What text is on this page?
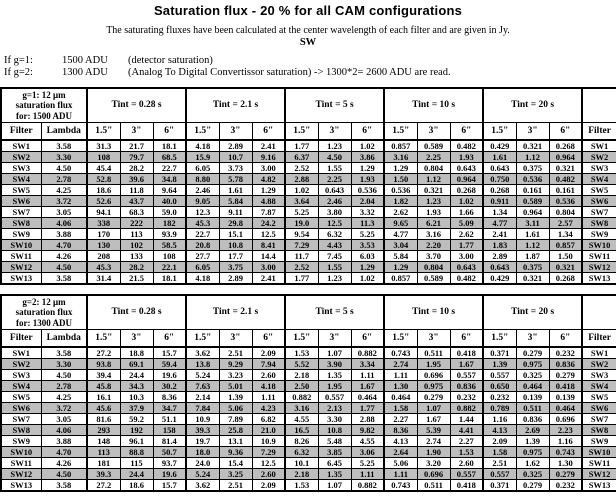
Saturation flux - 20 % for all CAM configurations
The saturating fluxes have been calculated at the center wavelength of each filter and are given in Jy.
SW
If g=1:	1500 ADU	(detector saturation)
If g=2:	1300 ADU	(Analog To Digital Convertissor saturation) -> 1300*2= 2600 ADU are read.
g=1: 12 μm
saturation flux
for: 1500 ADU		Tint = 0.28 s			Tint = 2.1 s			Tint = 5 s			Tint = 10 s			Tint = 20 s			
Filter	Lambda	1.5"	3"	6"	1.5"	3"	6"	1.5"	3"	6"	1.5"	3"	6"	1.5"	3"	6"	Filter
SW1	3.58	31.3	21.7	18.1	4.18	2.89	2.41	1.77	1.23	1.02	0.857	0.589	0.482	0.429	0.321	0.268	SW1
SW2	3.30	108	79.7	68.5	15.9	10.7	9.16	6.37	4.50	3.86	3.16	2.25	1.93	1.61	1.12	0.964	SW2
SW3	4.50	45.4	28.2	22.7	6.05	3.73	3.00	2.52	1.55	1.29	1.29	0.804	0.643	0.643	0.375	0.321	SW3
SW4	2.78	52.8	39.6	34.8	8.80	5.78	4.82	2.88	2.25	1.93	1.50	1.12	0.964	0.750	0.536	0.482	SW4
SW5	4.25	18.6	11.8	9.64	2.46	1.61	1.29	1.02	0.643	0.536	0.536	0.321	0.268	0.268	0.161	0.161	SW5
SW6	3.72	52.6	43.7	40.0	9.05	5.84	4.88	3.64	2.46	2.04	1.82	1.23	1.02	0.911	0.589	0.536	SW6
SW7	3.05	94.1	68.3	59.0	12.3	9.11	7.87	5.25	3.80	3.32	2.62	1.93	1.66	1.34	0.964	0.804	SW7
SW8	4.06	338	222	182	45.3	29.8	24.2	19.0	12.5	11.3	9.65	6.21	5.09	4.77	3.11	2.57	SW8
SW9	3.88	170	113	93.9	22.7	15.1	12.5	9.54	6.32	5.25	4.77	3.16	2.62	2.41	1.61	1.34	SW9
SW10	4.70	130	102	58.5	20.8	10.8	8.41	7.29	4.43	3.53	3.04	2.20	1.77	1.83	1.12	0.857	SW10
SW11	4.26	208	133	108	27.7	17.7	14.4	11.7	7.45	6.03	5.84	3.70	3.00	2.89	1.87	1.50	SW11
SW12	4.50	45.3	28.2	22.1	6.05	3.75	3.00	2.52	1.55	1.29	1.29	0.804	0.643	0.643	0.375	0.321	SW12
SW13	3.58	31.4	21.5	18.1	4.18	2.89	2.41	1.77	1.23	1.02	0.857	0.589	0.482	0.429	0.321	0.268	SW13
g=2: 12 μm
saturation flux
for: 1300 ADU		Tint = 0.28 s			Tint = 2.1 s			Tint = 5 s			Tint = 10 s			Tint = 20 s			
Filter	Lambda	1.5"	3"	6"	1.5"	3"	6"	1.5"	3"	6"	1.5"	3"	6"	1.5"	3"	6"	Filter
SW1	3.58	27.2	18.8	15.7	3.62	2.51	2.09	1.53	1.07	0.882	0.743	0.511	0.418	0.371	0.279	0.232	SW1
SW2	3.30	93.8	69.1	59.4	13.8	9.29	7.94	5.52	3.90	3.34	2.74	1.95	1.67	1.39	0.975	0.836	SW2
SW3	4.50	39.4	24.4	19.6	5.24	3.23	2.60	2.18	1.35	1.11	1.11	0.696	0.557	0.557	0.325	0.279	SW3
SW4	2.78	45.8	34.3	30.2	7.63	5.01	4.18	2.50	1.95	1.67	1.30	0.975	0.836	0.650	0.464	0.418	SW4
SW5	4.25	16.1	10.3	8.36	2.14	1.39	1.11	0.882	0.557	0.464	0.464	0.279	0.232	0.232	0.139	0.139	SW5
SW6	3.72	45.6	37.9	34.7	7.84	5.06	4.23	3.16	2.13	1.77	1.58	1.07	0.882	0.789	0.511	0.464	SW6
SW7	3.05	81.6	59.2	51.1	10.9	7.89	6.82	4.55	3.30	2.88	2.27	1.67	1.44	1.16	0.836	0.696	SW7
SW8	4.06	293	192	158	39.3	25.8	21.0	16.5	10.8	9.82	8.36	5.39	4.41	4.13	2.69	2.23	SW8
SW9	3.88	148	96.1	81.4	19.7	13.1	10.9	8.26	5.48	4.55	4.13	2.74	2.27	2.09	1.39	1.16	SW9
SW10	4.70	113	88.8	50.7	18.0	9.36	7.29	6.32	3.85	3.06	2.64	1.90	1.53	1.58	0.975	0.743	SW10
SW11	4.26	181	115	93.7	24.0	15.4	12.5	10.1	6.45	5.25	5.06	3.20	2.60	2.51	1.62	1.30	SW11
SW12	4.50	39.3	24.4	19.6	5.24	3.25	2.60	2.18	1.35	1.11	1.11	0.696	0.557	0.557	0.325	0.279	SW12
SW13	3.58	27.2	18.6	15.7	3.62	2.51	2.09	1.53	1.07	0.882	0.743	0.511	0.418	0.371	0.279	0.232	SW13
